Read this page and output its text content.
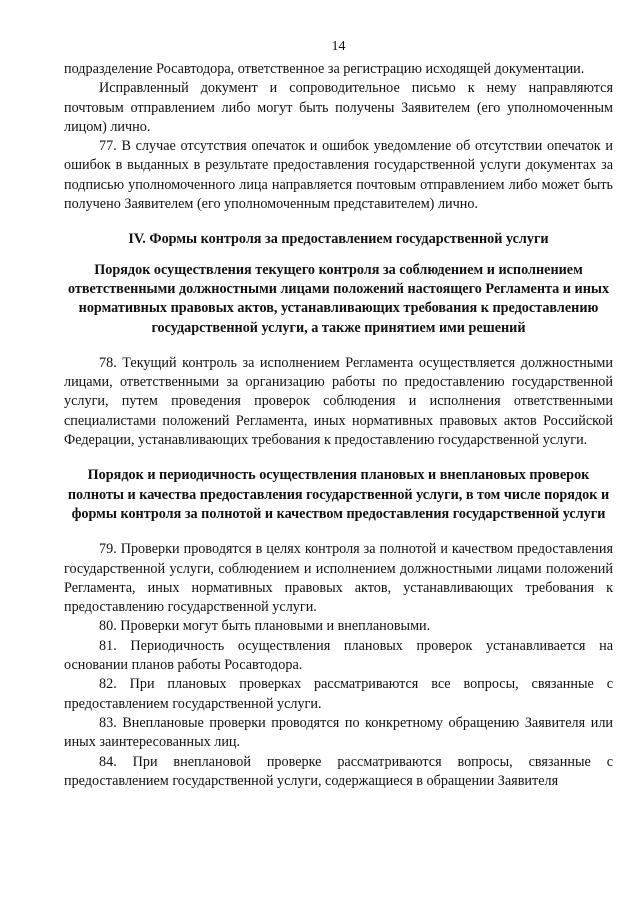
14

подразделение Росавтодора, ответственное за регистрацию исходящей документации.

Исправленный документ и сопроводительное письмо к нему направляются почтовым отправлением либо могут быть получены Заявителем (его уполномоченным лицом) лично.

77. В случае отсутствия опечаток и ошибок уведомление об отсутствии опечаток и ошибок в выданных в результате предоставления государственной услуги документах за подписью уполномоченного лица направляется почтовым отправлением либо может быть получено Заявителем (его уполномоченным представителем) лично.

IV. Формы контроля за предоставлением государственной услуги
Порядок осуществления текущего контроля за соблюдением и исполнением ответственными должностными лицами положений настоящего Регламента и иных нормативных правовых актов, устанавливающих требования к предоставлению государственной услуги, а также принятием ими решений

78. Текущий контроль за исполнением Регламента осуществляется должностными лицами, ответственными за организацию работы по предоставлению государственной услуги, путем проведения проверок соблюдения и исполнения ответственными специалистами положений Регламента, иных нормативных правовых актов Российской Федерации, устанавливающих требования к предоставлению государственной услуги.

Порядок и периодичность осуществления плановых и внеплановых проверок полноты и качества предоставления государственной услуги, в том числе порядок и формы контроля за полнотой и качеством предоставления государственной услуги

79. Проверки проводятся в целях контроля за полнотой и качеством предоставления государственной услуги, соблюдением и исполнением должностными лицами положений Регламента, иных нормативных правовых актов, устанавливающих требования к предоставлению государственной услуги.

80. Проверки могут быть плановыми и внеплановыми.

81. Периодичность осуществления плановых проверок устанавливается на основании планов работы Росавтодора.

82. При плановых проверках рассматриваются все вопросы, связанные с предоставлением государственной услуги.

83. Внеплановые проверки проводятся по конкретному обращению Заявителя или иных заинтересованных лиц.

84. При внеплановой проверке рассматриваются вопросы, связанные с предоставлением государственной услуги, содержащиеся в обращении Заявителя
